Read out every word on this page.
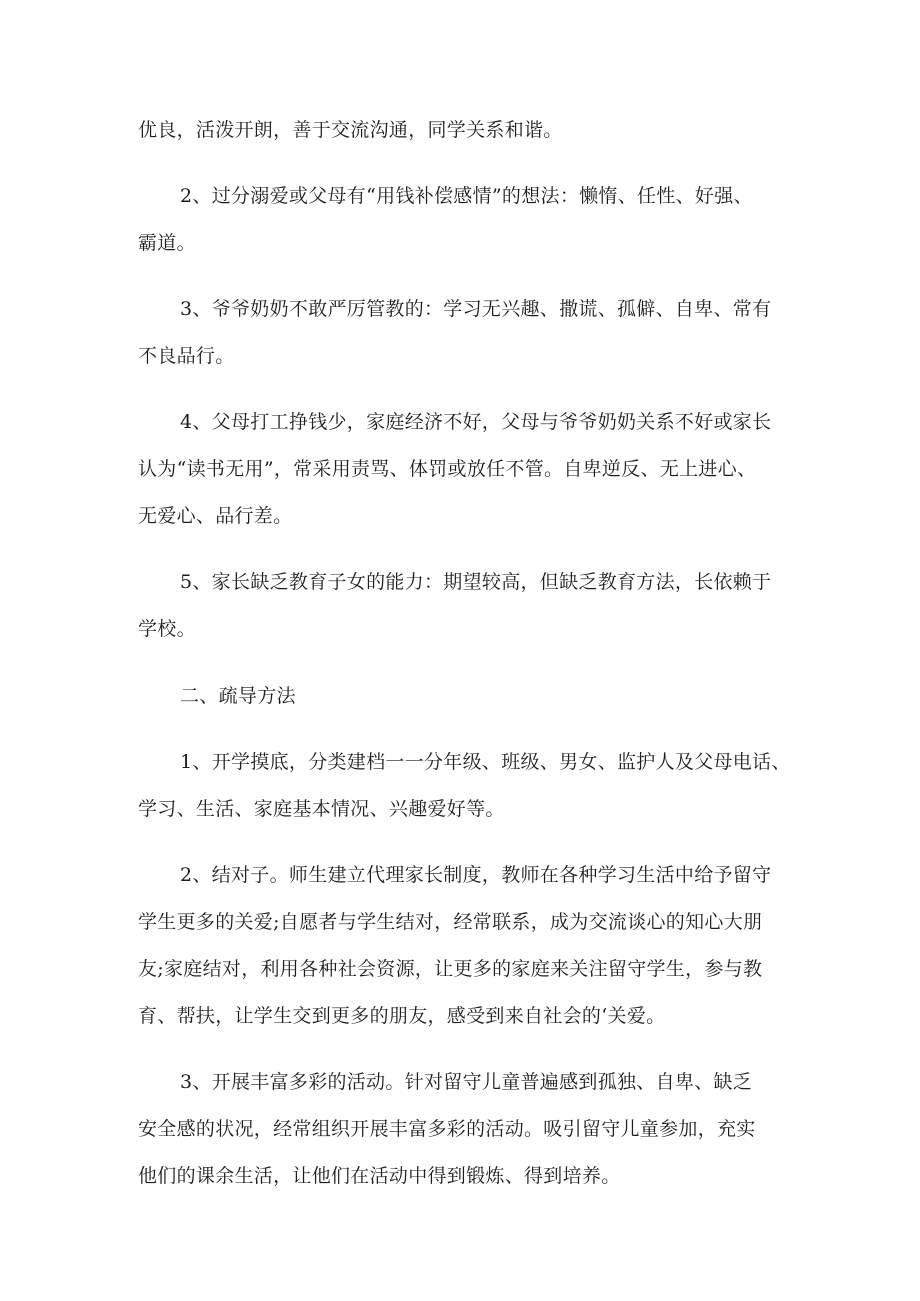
优良，活泼开朗，善于交流沟通，同学关系和谐。
2、过分溺爱或父母有“用钱补偿感情”的想法：懒惰、任性、好强、
霸道。
3、爷爷奶奶不敢严厉管教的：学习无兴趣、撒谎、孤僻、自卑、常有
不良品行。
4、父母打工挣钱少，家庭经济不好，父母与爷爷奶奶关系不好或家长
认为“读书无用”，常采用责骂、体罚或放任不管。自卑逆反、无上进心、
无爱心、品行差。
5、家长缺乏教育子女的能力：期望较高，但缺乏教育方法，长依赖于
学校。
二、疏导方法
1、开学摸底，分类建档一一分年级、班级、男女、监护人及父母电话、
学习、生活、家庭基本情况、兴趣爱好等。
2、结对子。师生建立代理家长制度，教师在各种学习生活中给予留守
学生更多的关爱;自愿者与学生结对，经常联系，成为交流谈心的知心大朋
友;家庭结对，利用各种社会资源，让更多的家庭来关注留守学生，参与教
育、帮扶，让学生交到更多的朋友，感受到来自社会的‘关爱。
3、开展丰富多彩的活动。针对留守儿童普遍感到孤独、自卑、缺乏
安全感的状况，经常组织开展丰富多彩的活动。吸引留守儿童参加，充实
他们的课余生活，让他们在活动中得到锻炼、得到培养。
